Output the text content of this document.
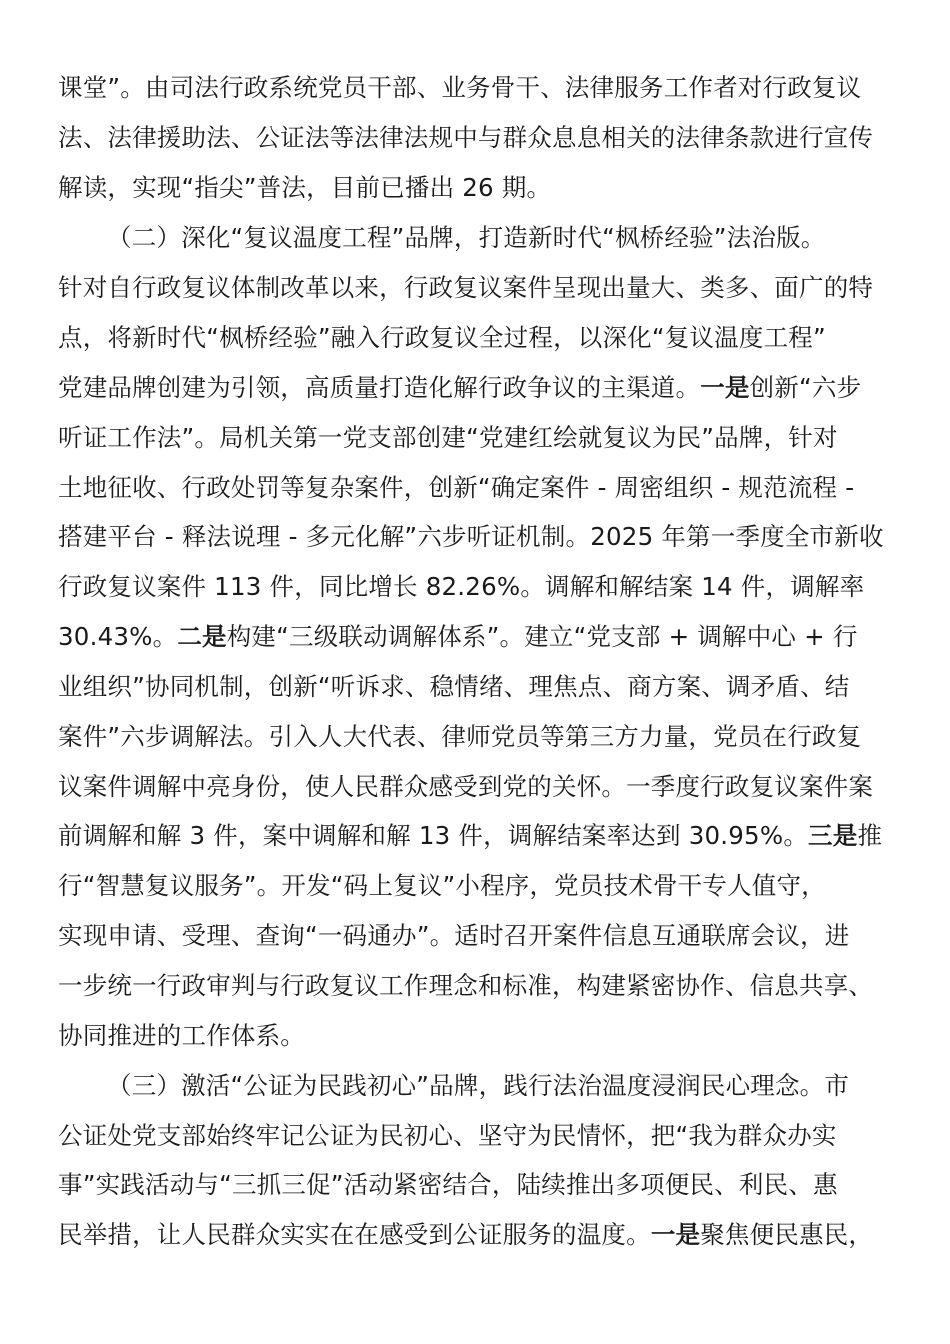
课堂”。由司法行政系统党员干部、业务骨干、法律服务工作者对行政复议
法、法律援助法、公证法等法律法规中与群众息息相关的法律条款进行宣传
解读，实现“指尖”普法，目前已播出 26 期。
（二）深化“复议温度工程”品牌，打造新时代“枫桥经验”法治版。
针对自行政复议体制改革以来，行政复议案件呈现出量大、类多、面广的特
点，将新时代“枫桥经验”融入行政复议全过程，以深化“复议温度工程”
党建品牌创建为引领，高质量打造化解行政争议的主渠道。一是创新“六步
听证工作法”。局机关第一党支部创建“党建红绘就复议为民”品牌，针对
土地征收、行政处罚等复杂案件，创新“确定案件 - 周密组织 - 规范流程 -
搭建平台 - 释法说理 - 多元化解”六步听证机制。2025 年第一季度全市新收
行政复议案件 113 件，同比增长 82.26%。调解和解结案 14 件，调解率
30.43%。二是构建“三级联动调解体系”。建立“党支部 + 调解中心 + 行
业组织”协同机制，创新“听诉求、稳情绪、理焦点、商方案、调矛盾、结
案件”六步调解法。引入人大代表、律师党员等第三方力量，党员在行政复
议案件调解中亮身份，使人民群众感受到党的关怀。一季度行政复议案件案
前调解和解 3 件，案中调解和解 13 件，调解结案率达到 30.95%。三是推
行“智慧复议服务”。开发“码上复议”小程序，党员技术骨干专人值守，
实现申请、受理、查询“一码通办”。适时召开案件信息互通联席会议，进
一步统一行政审判与行政复议工作理念和标准，构建紧密协作、信息共享、
协同推进的工作体系。
（三）激活“公证为民践初心”品牌，践行法治温度浸润民心理念。市
公证处党支部始终牢记公证为民初心、坚守为民情怀，把“我为群众办实
事”实践活动与“三抓三促”活动紧密结合，陆续推出多项便民、利民、惠
民举措，让人民群众实实在在感受到公证服务的温度。一是聚焦便民惠民，
